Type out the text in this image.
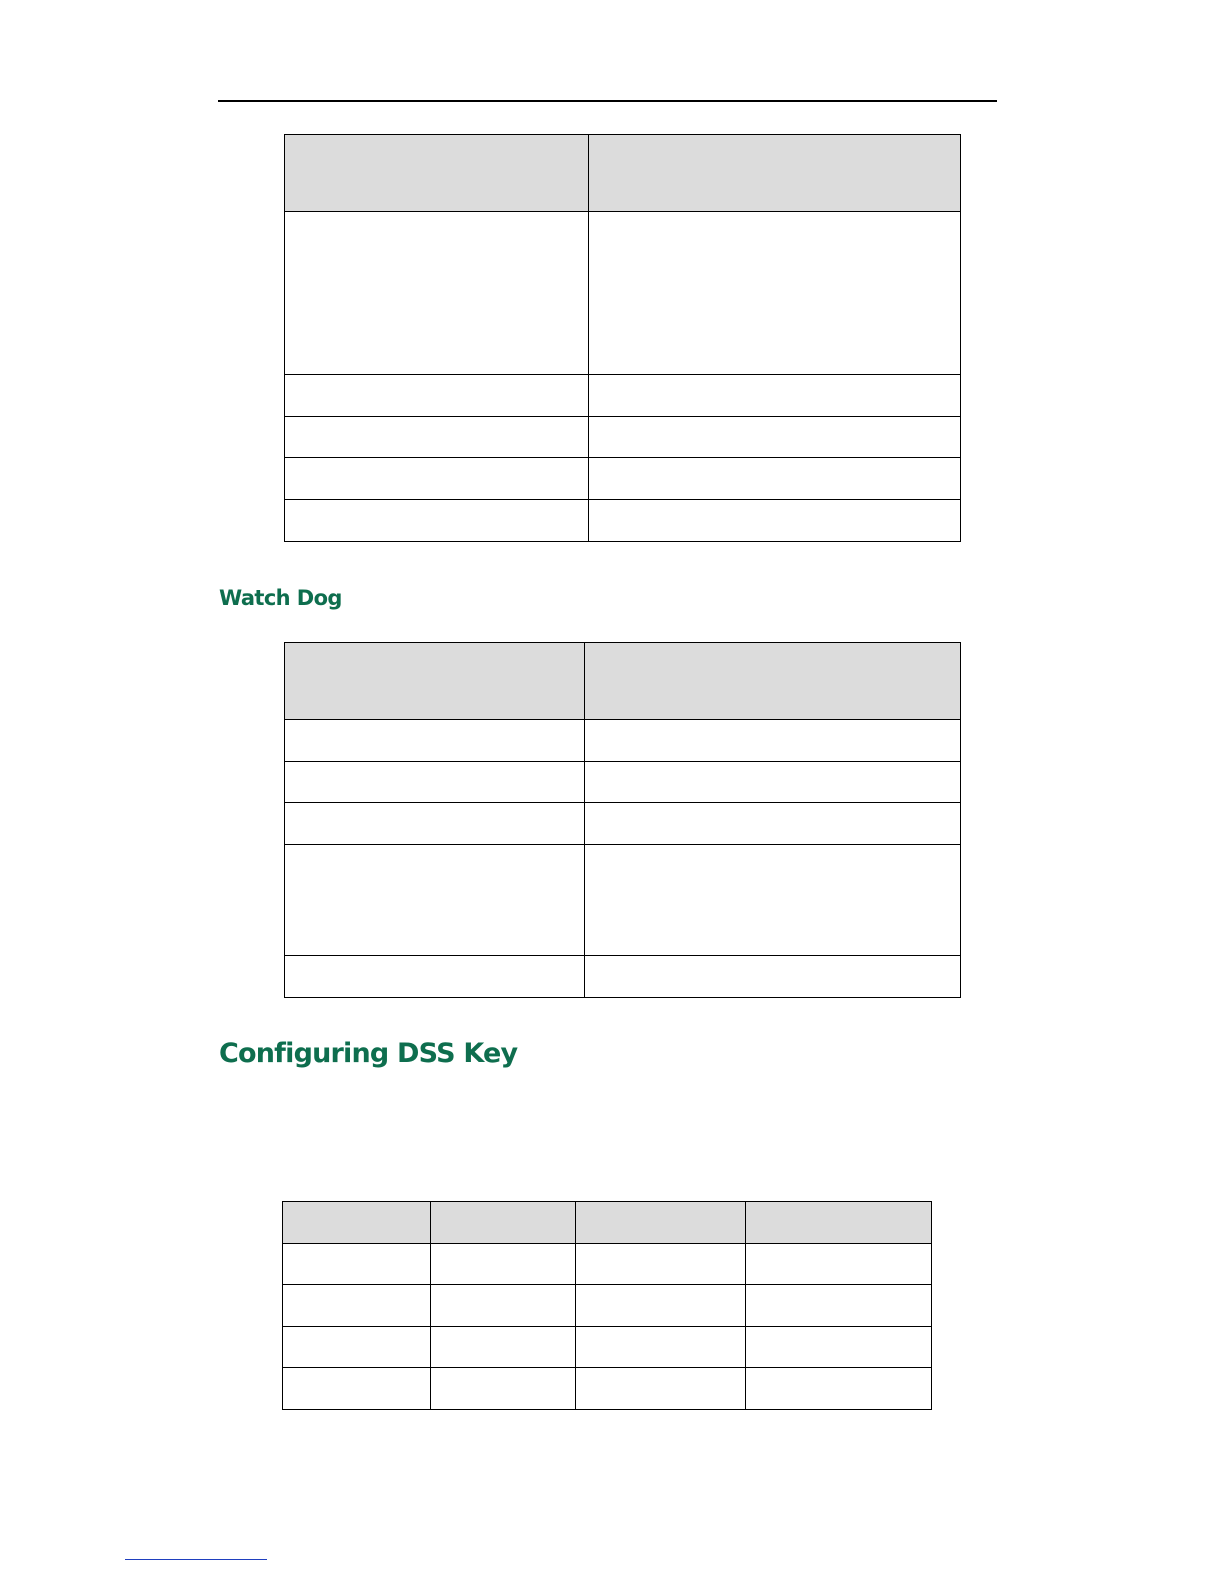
Watch Dog

Configuring DSS Key
